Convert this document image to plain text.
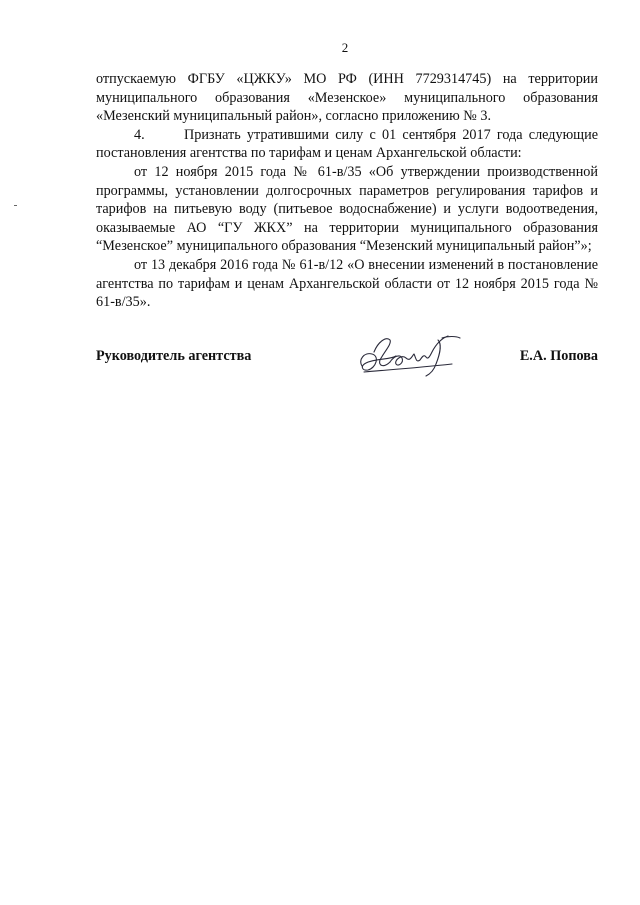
2

отпускаемую ФГБУ «ЦЖКУ» МО РФ (ИНН 7729314745) на территории муниципального образования «Мезенское» муниципального образования «Мезенский муниципальный район», согласно приложению № 3.

4.	Признать утратившими силу с 01 сентября 2017 года следующие постановления агентства по тарифам и ценам Архангельской области:

от 12 ноября 2015 года № 61-в/35 «Об утверждении производственной программы, установлении долгосрочных параметров регулирования тарифов и тарифов на питьевую воду (питьевое водоснабжение) и услуги водоотведения, оказываемые АО “ГУ ЖКХ” на территории муниципального образования “Мезенское” муниципального образования “Мезенский муниципальный район”»;

от 13 декабря 2016 года № 61-в/12 «О внесении изменений в постановление агентства по тарифам и ценам Архангельской области от 12 ноября 2015 года № 61-в/35».

Руководитель агентства	Е.А. Попова
